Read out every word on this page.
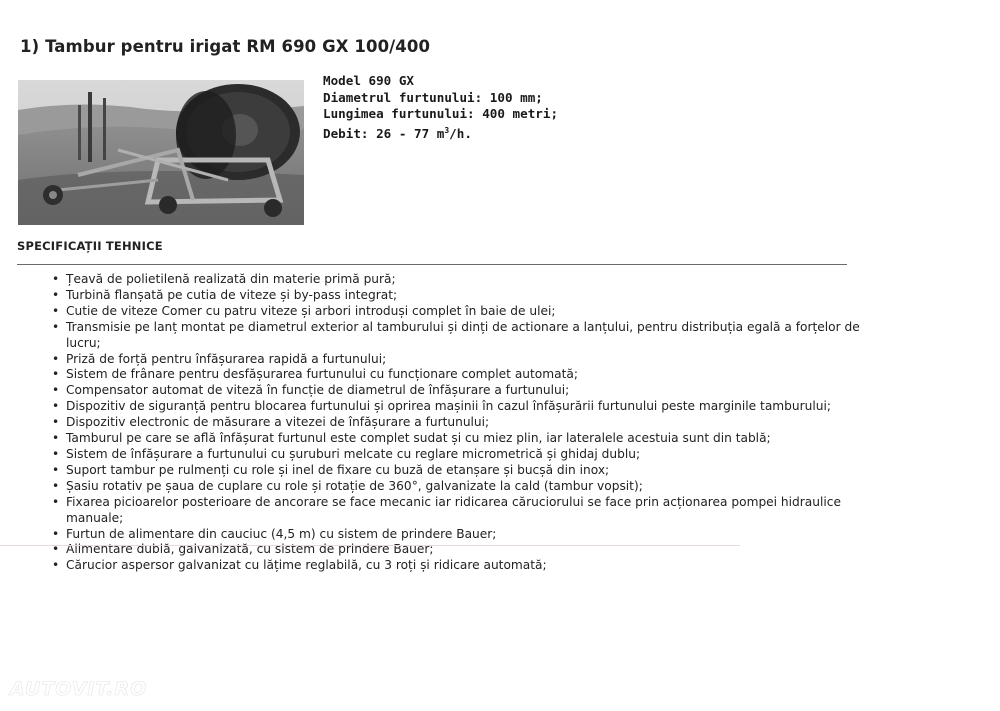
1) Tambur pentru irigat RM 690 GX 100/400
Model 690 GX
Diametrul furtunului: 100 mm;
Lungimea furtunului: 400 metri;
Debit: 26 - 77 $m^3/h$.
SPECIFICAȚII TEHNICE
• Țeavă de polietilenă realizată din materie primă pură;
• Turbină flanșată pe cutia de viteze și by-pass integrat;
• Cutie de viteze Comer cu patru viteze și arbori introduși complet în baie de ulei;
• Transmisie pe lanț montat pe diametrul exterior al tamburului și dinți de actionare a lanțului, pentru distribuția egală a forțelor de lucru;
• Priză de forță pentru înfășurarea rapidă a furtunului;
• Sistem de frânare pentru desfășurarea furtunului cu funcționare complet automată;
• Compensator automat de viteză în funcție de diametrul de înfășurare a furtunului;
• Dispozitiv de siguranță pentru blocarea furtunului și oprirea mașinii în cazul înfășurării furtunului peste marginile tamburului;
• Dispozitiv electronic de măsurare a vitezei de înfășurare a furtunului;
• Tamburul pe care se află înfășurat furtunul este complet sudat și cu miez plin, iar lateralele acestuia sunt din tablă;
• Sistem de înfășurare a furtunului cu șuruburi melcate cu reglare micrometrică și ghidaj dublu;
• Suport tambur pe rulmenți cu role și inel de fixare cu buză de etanșare și bucșă din inox;
• Șasiu rotativ pe șaua de cuplare cu role și rotație de 360°, galvanizate la cald (tambur vopsit);
• Fixarea picioarelor posterioare de ancorare se face mecanic iar ridicarea căruciorului se face prin acționarea pompei hidraulice manuale;
• Furtun de alimentare din cauciuc (4,5 m) cu sistem de prindere Bauer;
• Alimentare dublă, galvanizată, cu sistem de prindere Bauer;
• Cărucior aspersor galvanizat cu lățime reglabilă, cu 3 roți și ridicare automată;
AUTOVIT.RO
